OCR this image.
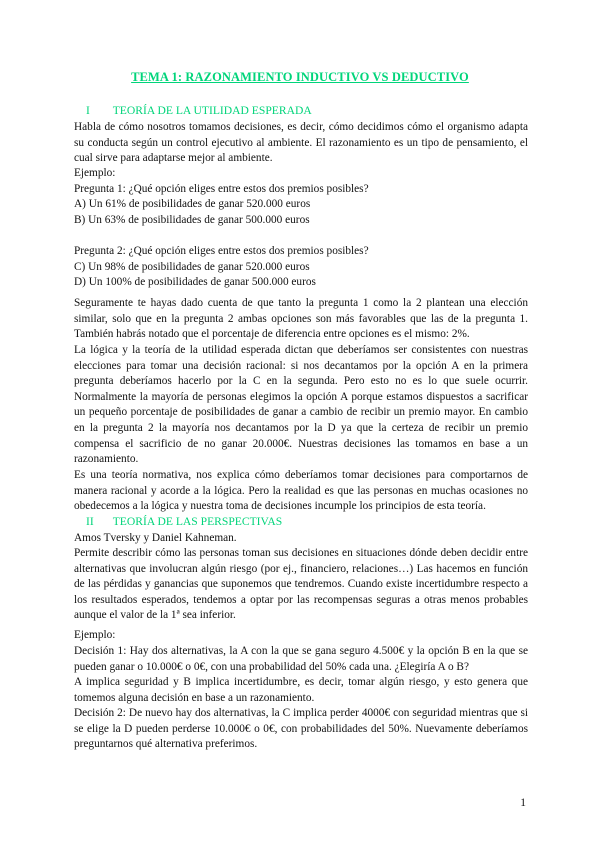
TEMA 1: RAZONAMIENTO INDUCTIVO VS DEDUCTIVO
I TEORÍA DE LA UTILIDAD ESPERADA
Habla de cómo nosotros tomamos decisiones, es decir, cómo decidimos cómo el organismo adapta su conducta según un control ejecutivo al ambiente. El razonamiento es un tipo de pensamiento, el cual sirve para adaptarse mejor al ambiente.
Ejemplo:
Pregunta 1: ¿Qué opción eliges entre estos dos premios posibles?
A) Un 61% de posibilidades de ganar 520.000 euros
B) Un 63% de posibilidades de ganar 500.000 euros

Pregunta 2: ¿Qué opción eliges entre estos dos premios posibles?
C) Un 98% de posibilidades de ganar 520.000 euros
D) Un 100% de posibilidades de ganar 500.000 euros
Seguramente te hayas dado cuenta de que tanto la pregunta 1 como la 2 plantean una elección similar, solo que en la pregunta 2 ambas opciones son más favorables que las de la pregunta 1. También habrás notado que el porcentaje de diferencia entre opciones es el mismo: 2%.
La lógica y la teoría de la utilidad esperada dictan que deberíamos ser consistentes con nuestras elecciones para tomar una decisión racional: si nos decantamos por la opción A en la primera pregunta deberíamos hacerlo por la C en la segunda. Pero esto no es lo que suele ocurrir. Normalmente la mayoría de personas elegimos la opción A porque estamos dispuestos a sacrificar un pequeño porcentaje de posibilidades de ganar a cambio de recibir un premio mayor. En cambio en la pregunta 2 la mayoría nos decantamos por la D ya que la certeza de recibir un premio compensa el sacrificio de no ganar 20.000€. Nuestras decisiones las tomamos en base a un razonamiento.
Es una teoría normativa, nos explica cómo deberíamos tomar decisiones para comportarnos de manera racional y acorde a la lógica. Pero la realidad es que las personas en muchas ocasiones no obedecemos a la lógica y nuestra toma de decisiones incumple los principios de esta teoría.
II TEORÍA DE LAS PERSPECTIVAS
Amos Tversky y Daniel Kahneman.
Permite describir cómo las personas toman sus decisiones en situaciones dónde deben decidir entre alternativas que involucran algún riesgo (por ej., financiero, relaciones…) Las hacemos en función de las pérdidas y ganancias que suponemos que tendremos. Cuando existe incertidumbre respecto a los resultados esperados, tendemos a optar por las recompensas seguras a otras menos probables aunque el valor de la 1ª sea inferior.
Ejemplo:
Decisión 1: Hay dos alternativas, la A con la que se gana seguro 4.500€ y la opción B en la que se pueden ganar o 10.000€ o 0€, con una probabilidad del 50% cada una. ¿Elegiría A o B?
A implica seguridad y B implica incertidumbre, es decir, tomar algún riesgo, y esto genera que tomemos alguna decisión en base a un razonamiento.
Decisión 2: De nuevo hay dos alternativas, la C implica perder 4000€ con seguridad mientras que si se elige la D pueden perderse 10.000€ o 0€, con probabilidades del 50%. Nuevamente deberíamos preguntarnos qué alternativa preferimos.
1
